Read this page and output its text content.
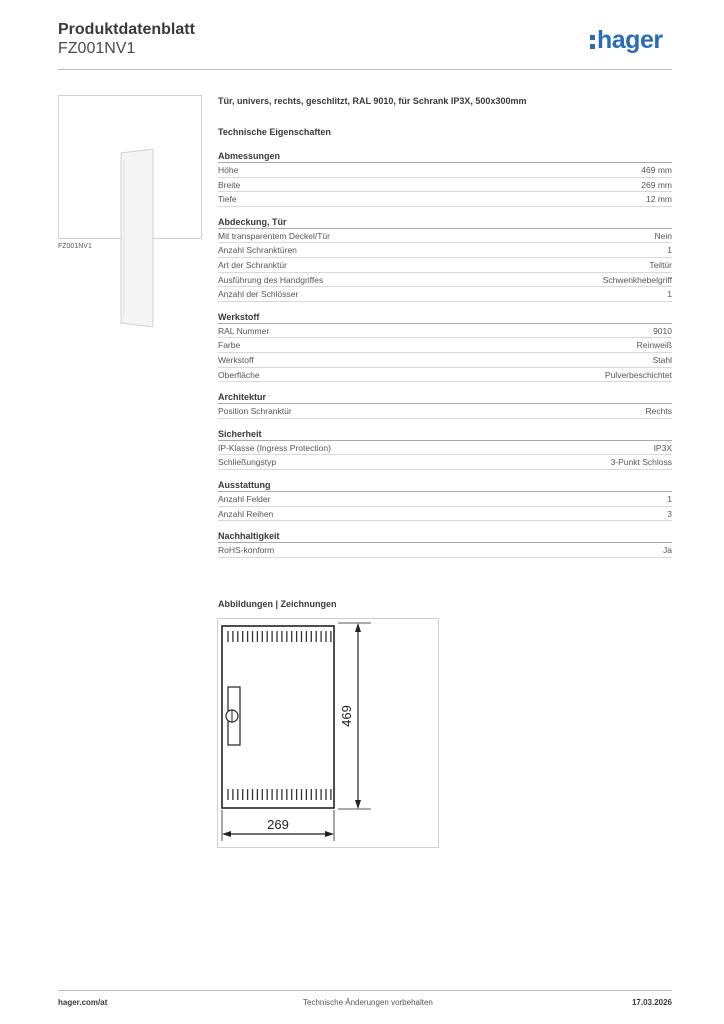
Produktdatenblatt
FZ001NV1	hager
FZ001NV1
Tür, univers, rechts, geschlitzt, RAL 9010, für Schrank IP3X, 500x300mm
Technische Eigenschaften
Abmessungen
Höhe	469 mm
Breite	269 mm
Tiefe	12 mm
Abdeckung, Tür
Mit transparentem Deckel/Tür	Nein
Anzahl Schranktüren	1
Art der Schranktür	Teiltür
Ausführung des Handgriffes	Schwenkhebelgriff
Anzahl der Schlösser	1
Werkstoff
RAL Nummer	9010
Farbe	Reinweiß
Werkstoff	Stahl
Oberfläche	Pulverbeschichtet
Architektur
Position Schranktür	Rechts
Sicherheit
IP-Klasse (Ingress Protection)	IP3X
Schließungstyp	3-Punkt Schloss
Ausstattung
Anzahl Felder	1
Anzahl Reihen	3
Nachhaltigkeit
RoHS-konform	Ja
Abbildungen | Zeichnungen
469
269
hager.com/at	Technische Änderungen vorbehalten	17.03.2026
